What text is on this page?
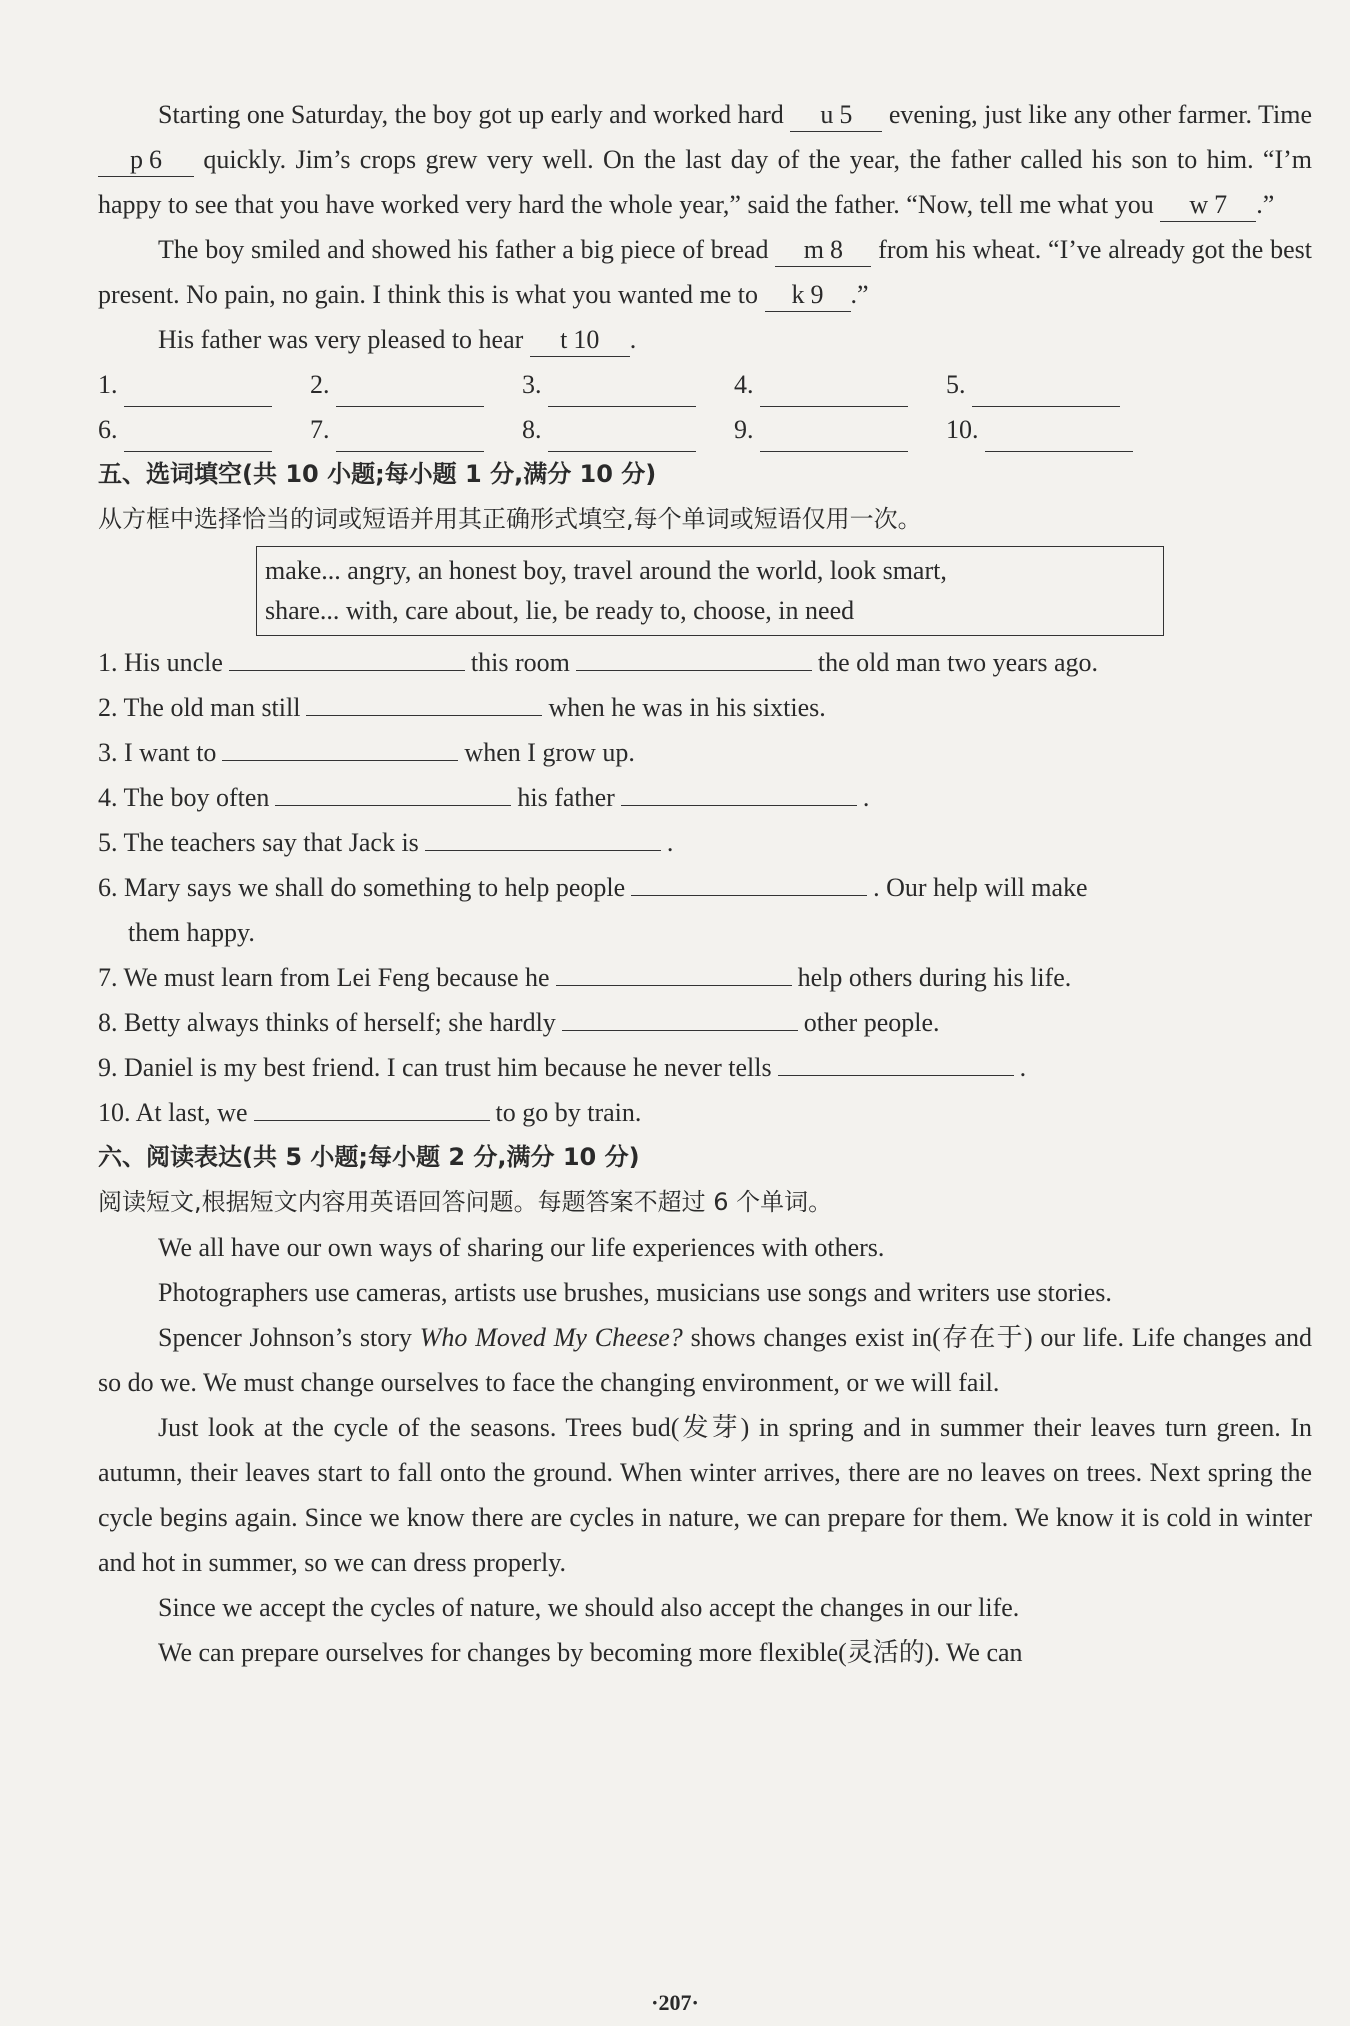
Starting one Saturday, the boy got up early and worked hard u 5 evening, just like any other farmer. Time p 6 quickly. Jim’s crops grew very well. On the last day of the year, the father called his son to him. “I’m happy to see that you have worked very hard the whole year,” said the father. “Now, tell me what you w 7 .”

The boy smiled and showed his father a big piece of bread m 8 from his wheat. “I’ve already got the best present. No pain, no gain. I think this is what you wanted me to k 9 .”

His father was very pleased to hear t 10 .

1.	2.	3.	4.	5.
6.	7.	8.	9.	10.
五、选词填空(共 10 小题;每小题 1 分,满分 10 分)
从方框中选择恰当的词或短语并用其正确形式填空,每个单词或短语仅用一次。
make... angry, an honest boy, travel around the world, look smart,
share... with, care about, lie, be ready to, choose, in need
1. His uncle	this room	the old man two years ago.
2. The old man still	when he was in his sixties.
3. I want to	when I grow up.
4. The boy often	his father	.
5. The teachers say that Jack is	.
6. Mary says we shall do something to help people	. Our help will make
them happy.
7. We must learn from Lei Feng because he	help others during his life.
8. Betty always thinks of herself; she hardly	other people.
9. Daniel is my best friend. I can trust him because he never tells	.
10. At last, we	to go by train.
六、阅读表达(共 5 小题;每小题 2 分,满分 10 分)
阅读短文,根据短文内容用英语回答问题。每题答案不超过 6 个单词。

We all have our own ways of sharing our life experiences with others.

Photographers use cameras, artists use brushes, musicians use songs and writers use stories.

Spencer Johnson’s story Who Moved My Cheese? shows changes exist in(存在于) our life. Life changes and so do we. We must change ourselves to face the changing environment, or we will fail.

Just look at the cycle of the seasons. Trees bud(发芽) in spring and in summer their leaves turn green. In autumn, their leaves start to fall onto the ground. When winter arrives, there are no leaves on trees. Next spring the cycle begins again. Since we know there are cycles in nature, we can prepare for them. We know it is cold in winter and hot in summer, so we can dress properly.

Since we accept the cycles of nature, we should also accept the changes in our life.

We can prepare ourselves for changes by becoming more flexible(灵活的). We can

·207·
